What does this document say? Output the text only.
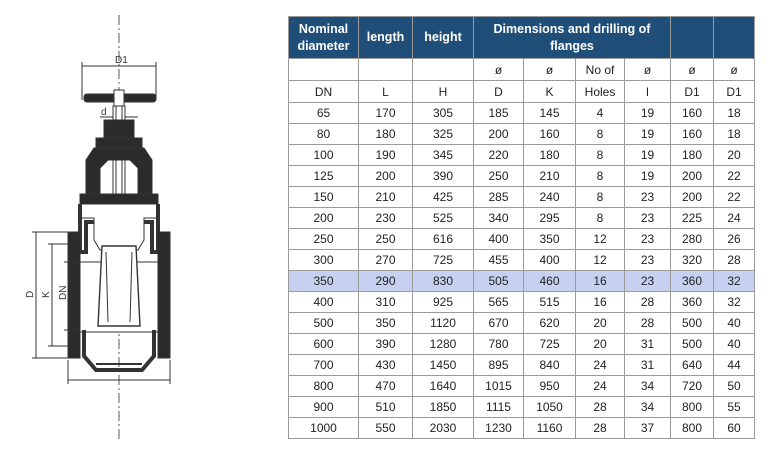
D1
d
D K DN
Nominal diameter	length	height	Dimensions and drilling of flanges					
			ø	ø	No of	ø	ø	ø
DN	L	H	D	K	Holes	l	D1	D1
65	170	305	185	145	4	19	160	18
80	180	325	200	160	8	19	160	18
100	190	345	220	180	8	19	180	20
125	200	390	250	210	8	19	200	22
150	210	425	285	240	8	23	200	22
200	230	525	340	295	8	23	225	24
250	250	616	400	350	12	23	280	26
300	270	725	455	400	12	23	320	28
350	290	830	505	460	16	23	360	32
400	310	925	565	515	16	28	360	32
500	350	1120	670	620	20	28	500	40
600	390	1280	780	725	20	31	500	40
700	430	1450	895	840	24	31	640	44
800	470	1640	1015	950	24	34	720	50
900	510	1850	1115	1050	28	34	800	55
1000	550	2030	1230	1160	28	37	800	60
